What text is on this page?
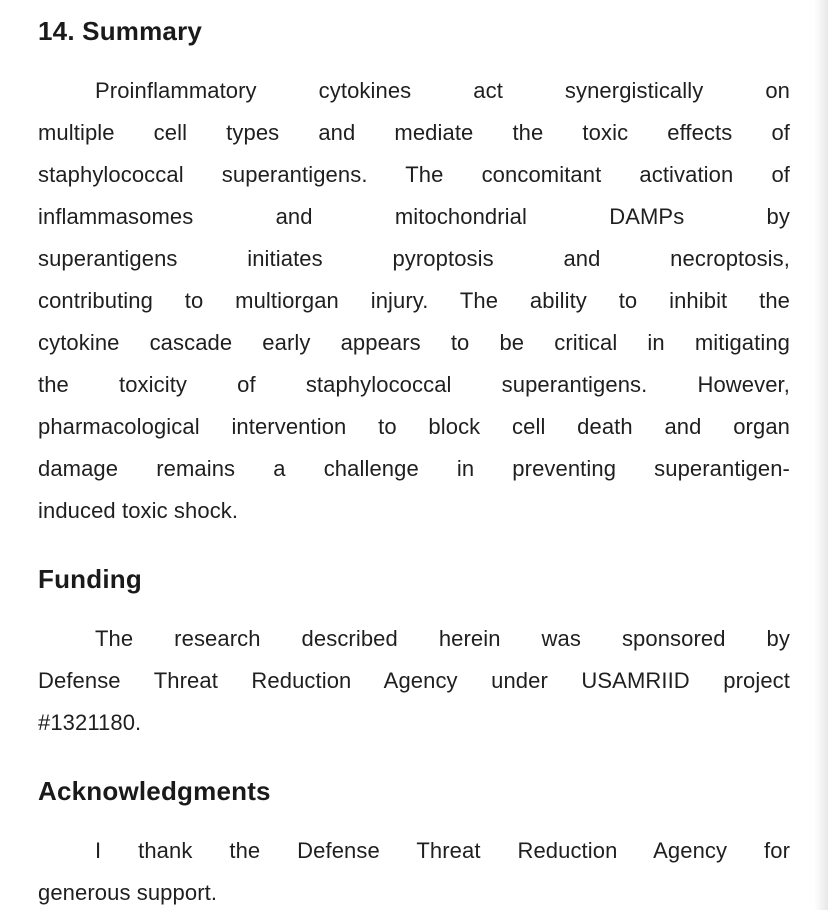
14. Summary
Proinflammatory cytokines act synergistically on
multiple cell types and mediate the toxic effects of
staphylococcal superantigens. The concomitant activation of
inflammasomes and mitochondrial DAMPs by
superantigens initiates pyroptosis and necroptosis,
contributing to multiorgan injury. The ability to inhibit the
cytokine cascade early appears to be critical in mitigating
the toxicity of staphylococcal superantigens. However,
pharmacological intervention to block cell death and organ
damage remains a challenge in preventing superantigen-
induced toxic shock.
Funding
The research described herein was sponsored by
Defense Threat Reduction Agency under USAMRIID project
#1321180.
Acknowledgments
I thank the Defense Threat Reduction Agency for
generous support.
